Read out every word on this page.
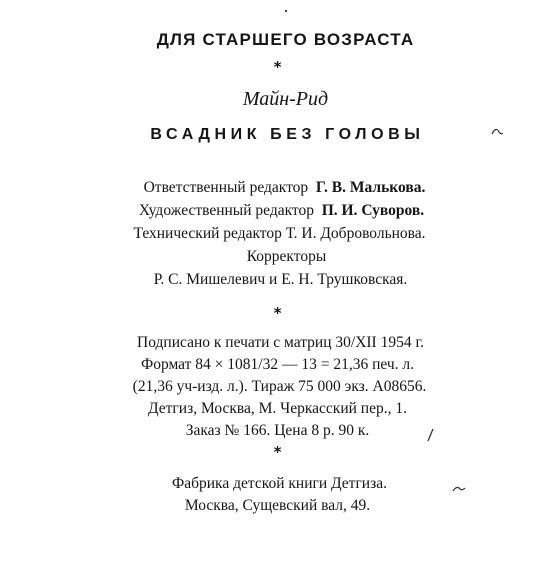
ДЛЯ СТАРШЕГО ВОЗРАСТА
*
Майн-Рид
ВСАДНИК БЕЗ ГОЛОВЫ
Ответственный редактор Г. В. Малькова.
Художественный редактор П. И. Суворов.
Технический редактор Т. И. Добровольнова.
Корректоры
Р. С. Мишелевич и Е. Н. Трушковская.
*
Подписано к печати с матриц 30/XII 1954 г.
Формат 84 × 1081/32 — 13 = 21,36 печ. л.
(21,36 уч-изд. л.). Тираж 75 000 экз. А08656.
Детгиз, Москва, М. Черкасский пер., 1.
Заказ № 166. Цена 8 р. 90 к.
*
Фабрика детской книги Детгиза.
Москва, Сущевский вал, 49.
